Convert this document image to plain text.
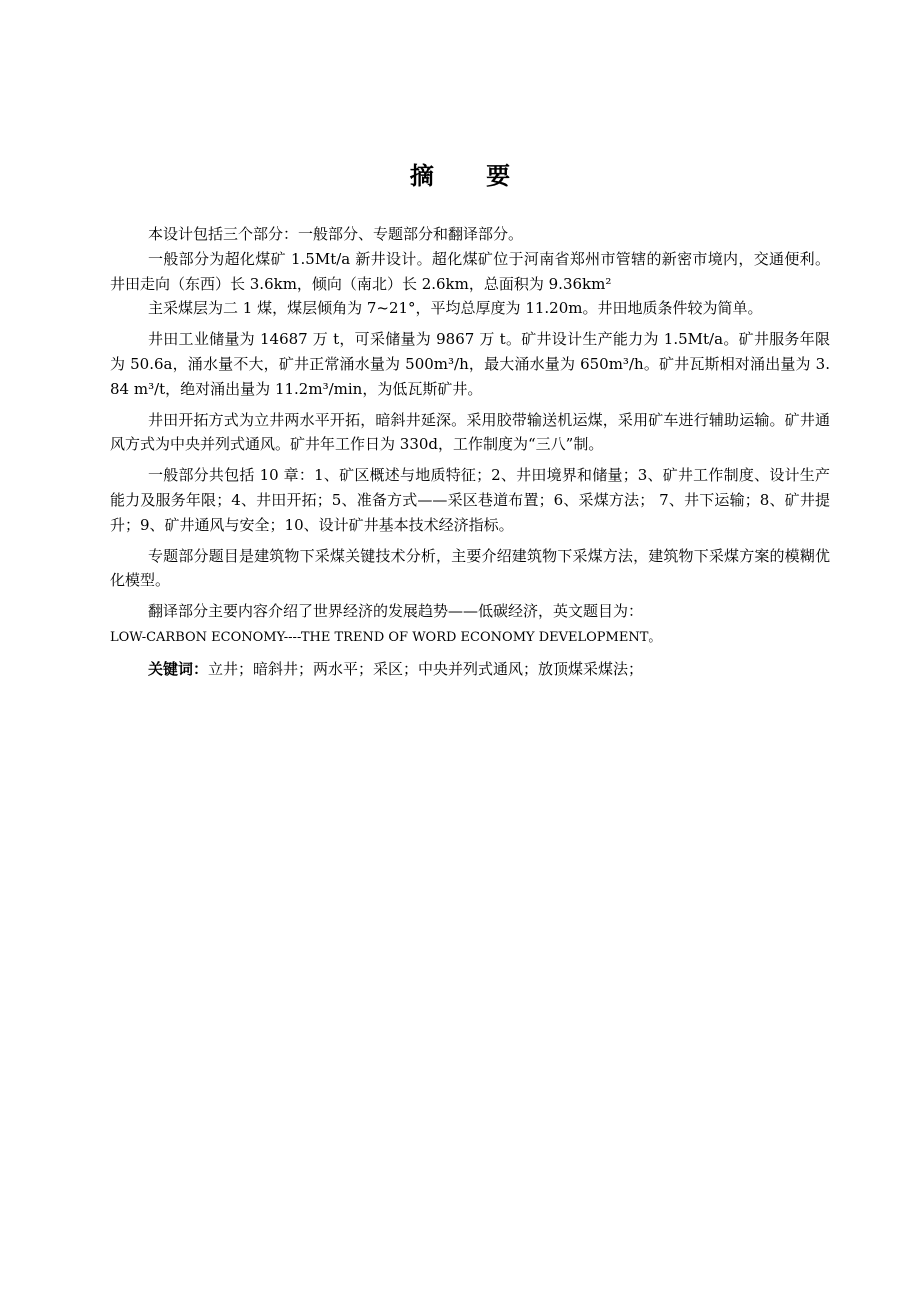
摘 要

本设计包括三个部分：一般部分、专题部分和翻译部分。

一般部分为超化煤矿 1.5Mt/a 新井设计。超化煤矿位于河南省郑州市管辖的新密市境内，交通便利。井田走向（东西）长 3.6km，倾向（南北）长 2.6km，总面积为 9.36km²

主采煤层为二 1 煤，煤层倾角为 7~21°，平均总厚度为 11.20m。井田地质条件较为简单。

井田工业储量为 14687 万 t，可采储量为 9867 万 t。矿井设计生产能力为 1.5Mt/a。矿井服务年限为 50.6a，涌水量不大，矿井正常涌水量为 500m³/h，最大涌水量为 650m³/h。矿井瓦斯相对涌出量为 3.84 m³/t，绝对涌出量为 11.2m³/min，为低瓦斯矿井。

井田开拓方式为立井两水平开拓，暗斜井延深。采用胶带输送机运煤，采用矿车进行辅助运输。矿井通风方式为中央并列式通风。矿井年工作日为 330d，工作制度为“三八”制。

一般部分共包括 10 章：1、矿区概述与地质特征；2、井田境界和储量；3、矿井工作制度、设计生产能力及服务年限；4、井田开拓；5、准备方式——采区巷道布置；6、采煤方法； 7、井下运输；8、矿井提升；9、矿井通风与安全；10、设计矿井基本技术经济指标。

专题部分题目是建筑物下采煤关键技术分析，主要介绍建筑物下采煤方法，建筑物下采煤方案的模糊优化模型。

翻译部分主要内容介绍了世界经济的发展趋势——低碳经济，英文题目为：
LOW-CARBON ECONOMY----THE TREND OF WORD ECONOMY DEVELOPMENT。

关键词：立井；暗斜井；两水平；采区；中央并列式通风；放顶煤采煤法；
